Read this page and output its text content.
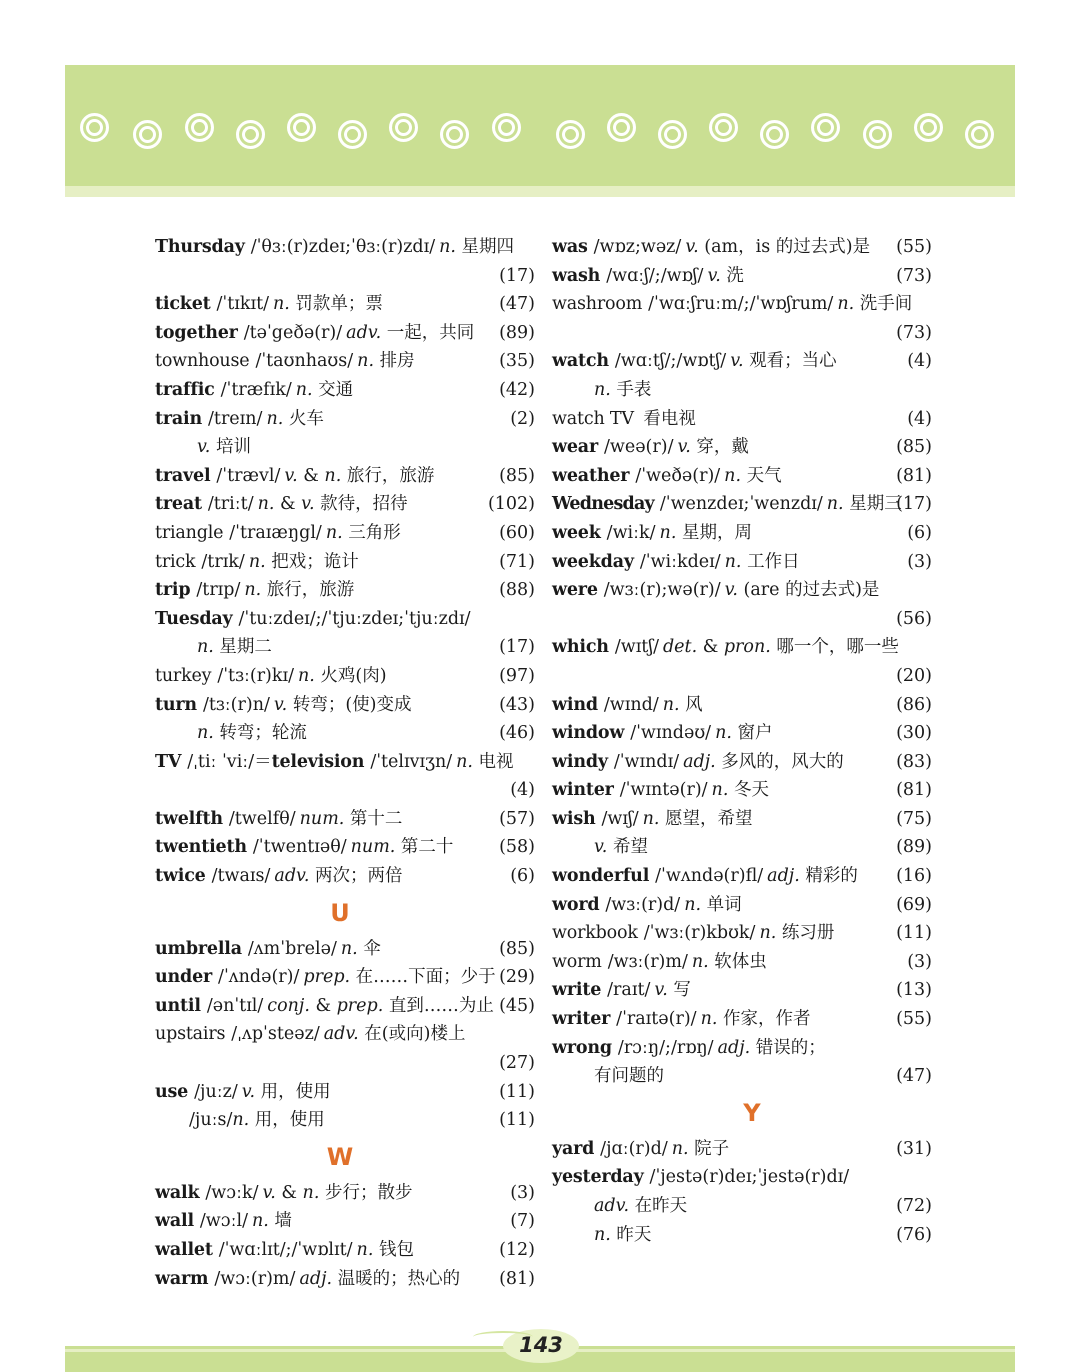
Thursday /ˈθɜː(r)zdeɪ;ˈθɜː(r)zdɪ/ n. 星期四
(17)
ticket /ˈtɪkɪt/ n. 罚款单；票	(47)
together /təˈgeðə(r)/ adv. 一起，共同 (89)
townhouse /ˈtaʊnhaʊs/ n. 排房	(35)
traffic /ˈtræfɪk/ n. 交通	(42)
train /treɪn/ n. 火车	(2)
v. 培训
travel /ˈtrævl/ v. & n. 旅行，旅游	(85)
treat /triːt/ n. & v. 款待，招待	(102)
triangle /ˈtraɪæŋgl/ n. 三角形	(60)
trick /trɪk/ n. 把戏；诡计	(71)
trip /trɪp/ n. 旅行，旅游	(88)
Tuesday /ˈtuːzdeɪ/;/ˈtjuːzdeɪ;ˈtjuːzdɪ/
n. 星期二	(17)
turkey /ˈtɜː(r)kɪ/ n. 火鸡(肉)	(97)
turn /tɜː(r)n/ v. 转弯；(使)变成	(43)
n. 转弯；轮流	(46)
TV /ˌtiː ˈviː/＝television /ˈtelɪvɪʒn/ n. 电视
(4)
twelfth /twelfθ/ num. 第十二	(57)
twentieth /ˈtwentɪəθ/ num. 第二十	(58)
twice /twaɪs/ adv. 两次；两倍	(6)
U
umbrella /ʌmˈbrelə/ n. 伞	(85)
under /ˈʌndə(r)/ prep. 在……下面；少于 (29)
until /ənˈtɪl/ conj. & prep. 直到……为止 (45)
upstairs /ˌʌpˈsteəz/ adv. 在(或向)楼上
(27)
use /juːz/ v. 用，使用	(11)
/juːs/n. 用，使用	(11)
W
walk /wɔːk/ v. & n. 步行；散步	(3)
wall /wɔːl/ n. 墙	(7)
wallet /ˈwɑːlɪt/;/ˈwɒlɪt/ n. 钱包	(12)
warm /wɔː(r)m/ adj. 温暖的；热心的 (81)
was /wɒz;wəz/ v. (am，is 的过去式)是 (55)
wash /wɑːʃ/;/wɒʃ/ v. 洗	(73)
washroom /ˈwɑːʃruːm/;/ˈwɒʃrum/ n. 洗手间
(73)
watch /wɑːtʃ/;/wɒtʃ/ v. 观看；当心	(4)
n. 手表
watch TV 看电视	(4)
wear /weə(r)/ v. 穿，戴	(85)
weather /ˈweðə(r)/ n. 天气	(81)
Wednesday /ˈwenzdeɪ;ˈwenzdɪ/ n. 星期三
(17)
week /wiːk/ n. 星期，周	(6)
weekday /ˈwiːkdeɪ/ n. 工作日	(3)
were /wɜː(r);wə(r)/ v. (are 的过去式)是
(56)
which /wɪtʃ/ det. & pron. 哪一个，哪一些
(20)
wind /wɪnd/ n. 风	(86)
window /ˈwɪndəʊ/ n. 窗户	(30)
windy /ˈwɪndɪ/ adj. 多风的，风大的	(83)
winter /ˈwɪntə(r)/ n. 冬天	(81)
wish /wɪʃ/ n. 愿望，希望	(75)
v. 希望	(89)
wonderful /ˈwʌndə(r)fl/ adj. 精彩的 (16)
word /wɜː(r)d/ n. 单词	(69)
workbook /ˈwɜː(r)kbʊk/ n. 练习册	(11)
worm /wɜː(r)m/ n. 软体虫	(3)
write /raɪt/ v. 写	(13)
writer /ˈraɪtə(r)/ n. 作家，作者	(55)
wrong /rɔːŋ/;/rɒŋ/ adj. 错误的；
有问题的	(47)
Y
yard /jɑː(r)d/ n. 院子	(31)
yesterday /ˈjestə(r)deɪ;ˈjestə(r)dɪ/
adv. 在昨天	(72)
n. 昨天	(76)
143
